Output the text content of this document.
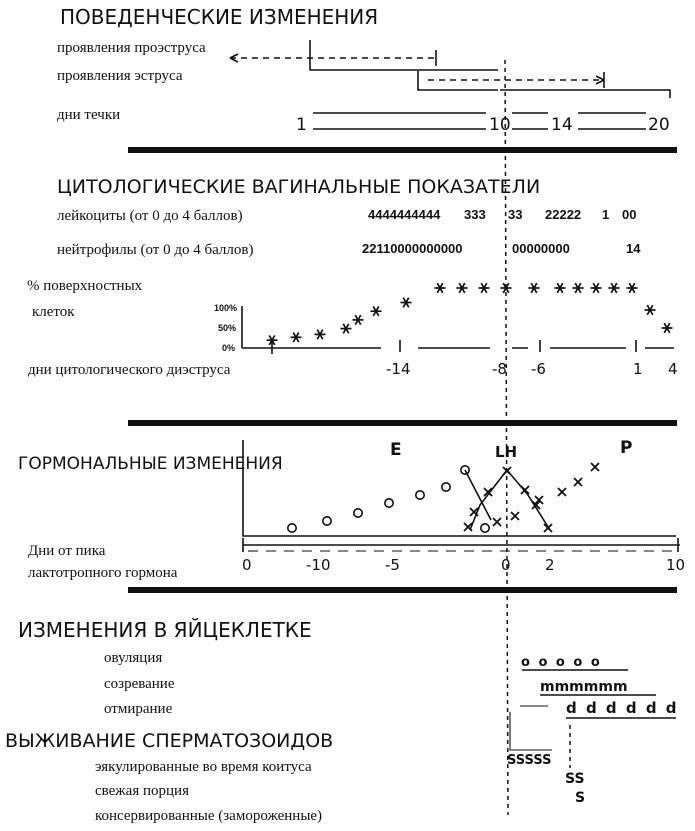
ПОВЕДЕНЧЕСКИЕ ИЗМЕНЕНИЯ
проявления проэструса
проявления эструса
дни течки	1	10 14	20
ЦИТОЛОГИЧЕСКИЕ ВАГИНАЛЬНЫЕ ПОКАЗАТЕЛИ
лейкоциты (от 0 до 4 баллов)	4444444444 333 33 22222 1 00
нейтрофилы (от 0 до 4 баллов)	22110000000000	00000000	14
% поверхностных
клеток	100%
50%
0%
дни цитологического диэструса	-14	-8 -6	1 4
ГОРМОНАЛЬНЫЕ ИЗМЕНЕНИЯ
E	LH	P
Дни от пика
лактотропного гормона	0	-10	-5	0 2	10
ИЗМЕНЕНИЯ В ЯЙЦЕКЛЕТКЕ
овуляция
созревание
отмирание
o o o o o
mmmmmm
d d d d d d
ВЫЖИВАНИЕ СПЕРМАТОЗОИДОВ
эякулированные во время коитуса
свежая порция
консервированные (замороженные)
SSSSS
SS
S
